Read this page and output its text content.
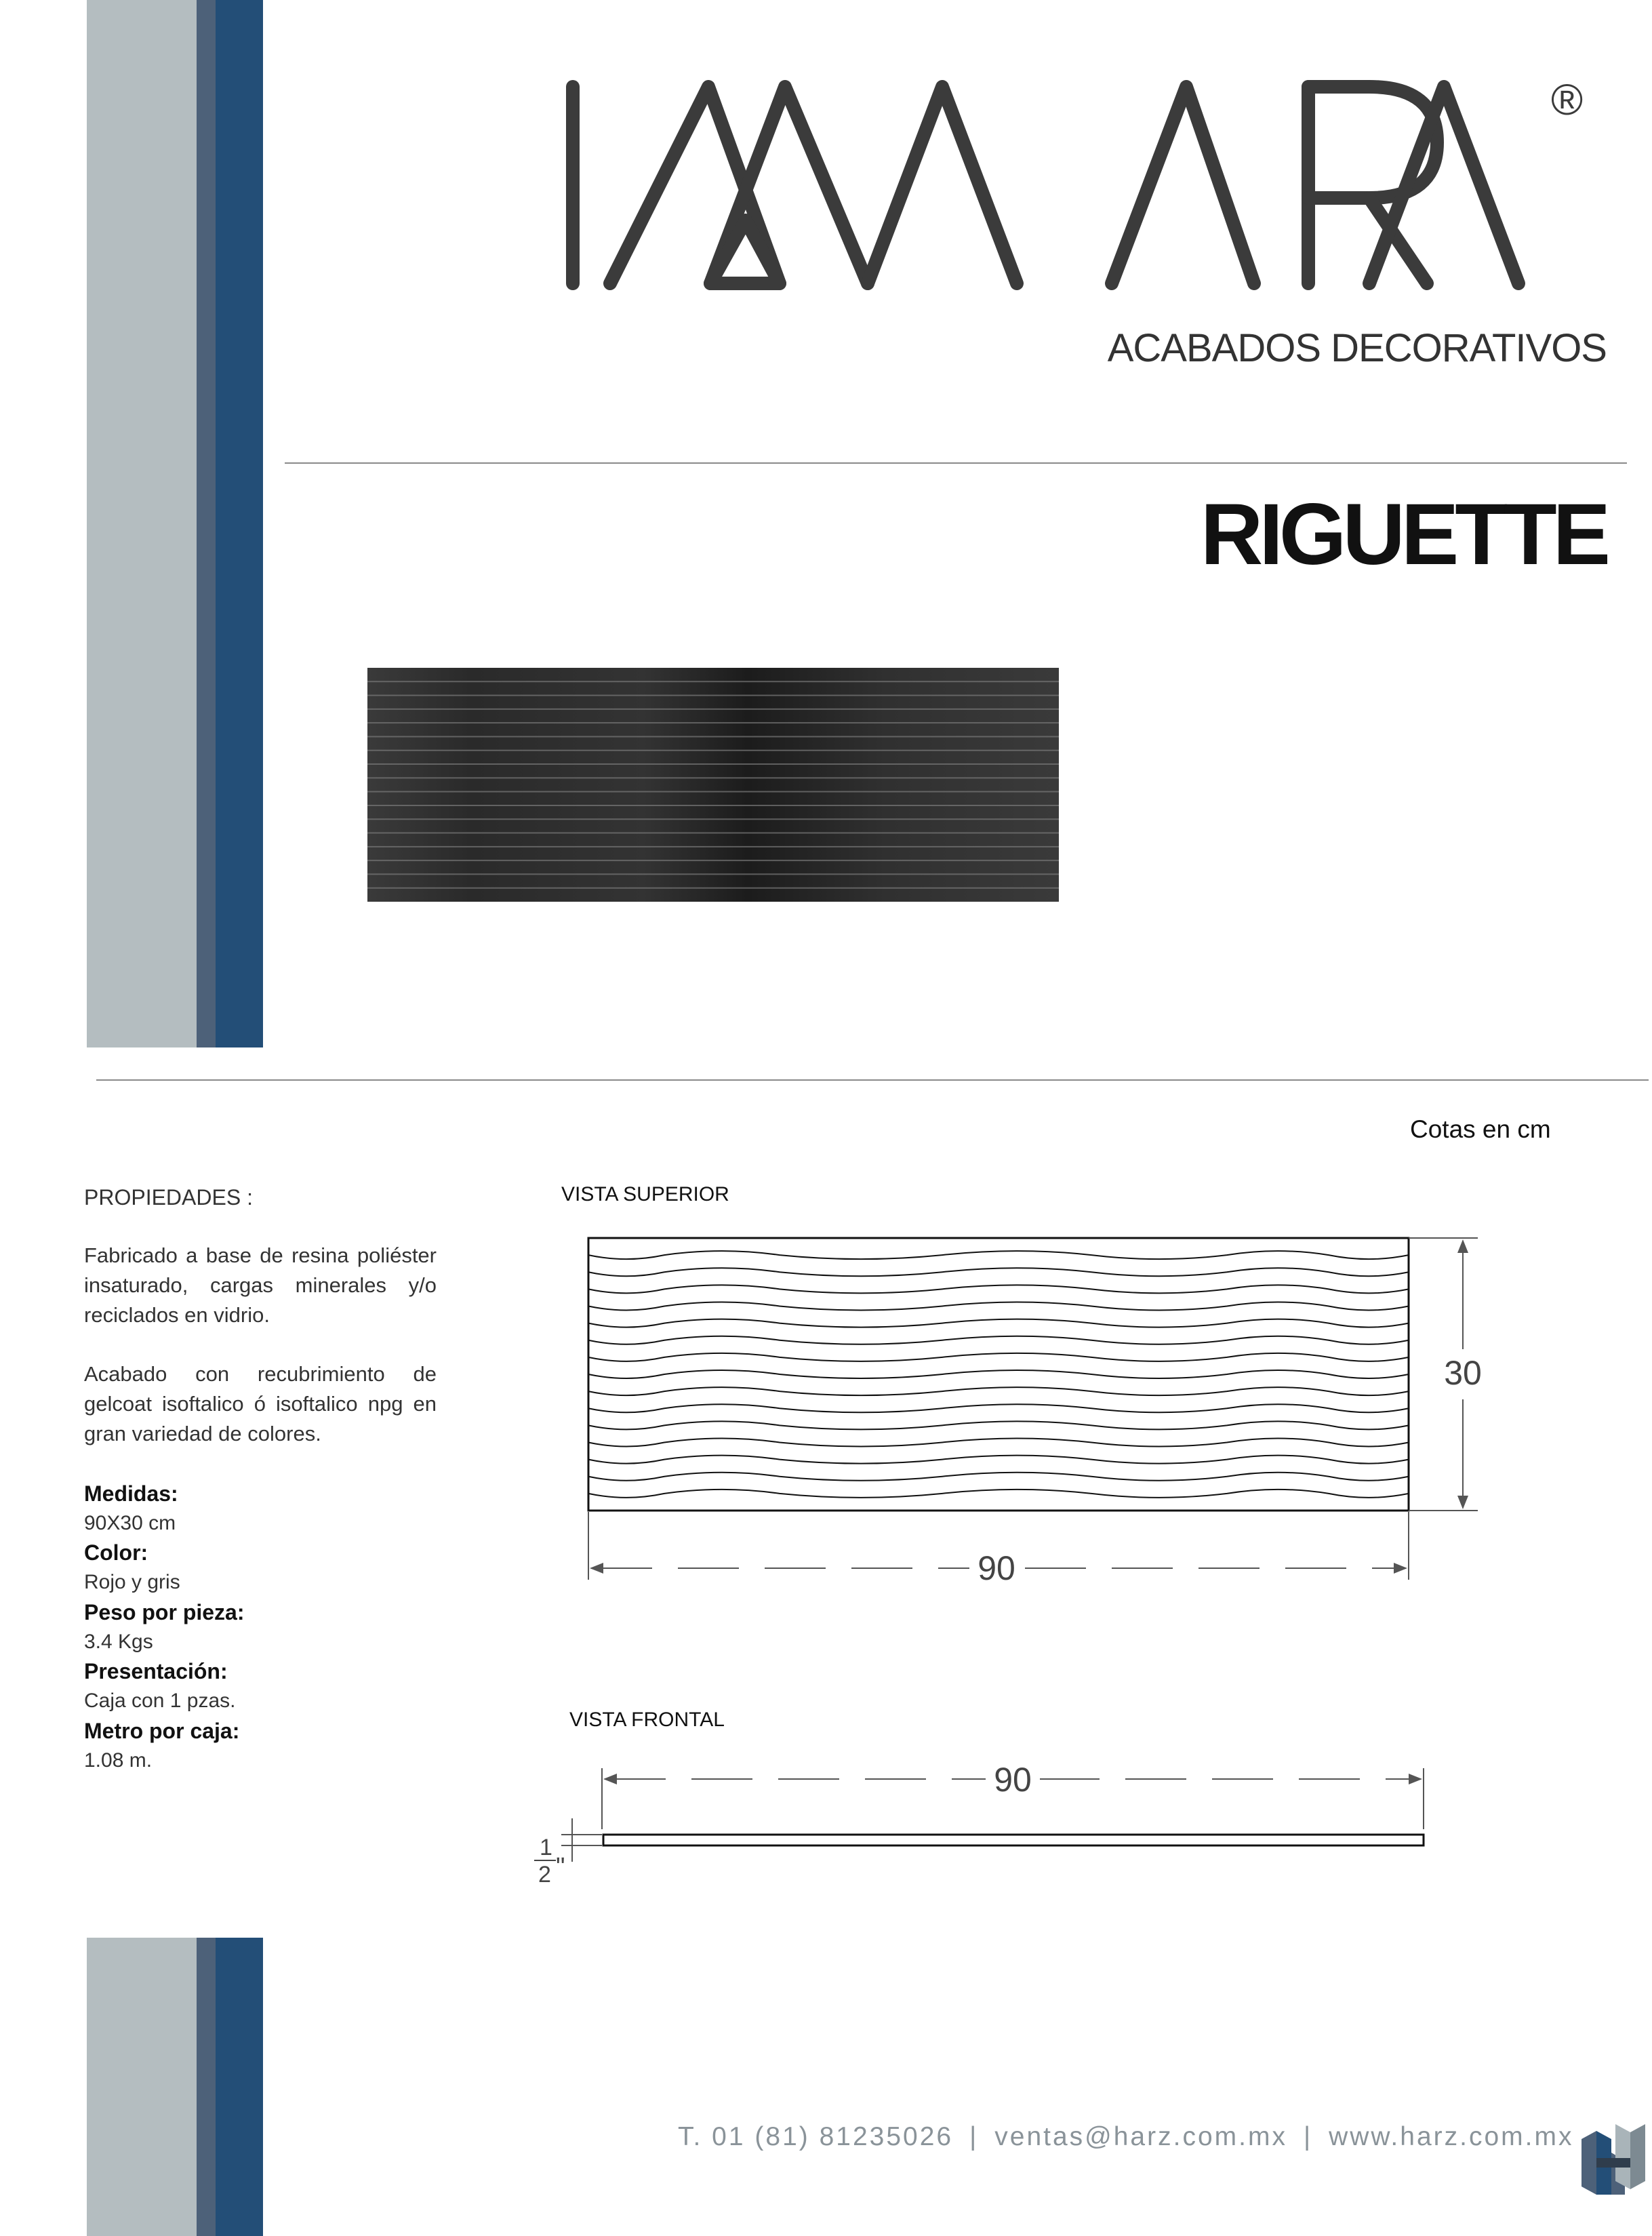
®
ACABADOS DECORATIVOS
RIGUETTE
Cotas en cm
PROPIEDADES :
Fabricado a base de resina poliéster insaturado, cargas minerales y/o reciclados en vidrio.
Acabado con recubrimiento de gelcoat isoftalico ó isoftalico npg en gran variedad de colores.
Medidas:
90X30 cm
Color:
Rojo y gris
Peso por pieza:
3.4 Kgs
Presentación:
Caja con 1 pzas.
Metro por caja:
1.08 m.
VISTA SUPERIOR
30
90
VISTA FRONTAL
90
1
2 "
T. 01 (81) 81235026 | ventas@harz.com.mx | www.harz.com.mx
